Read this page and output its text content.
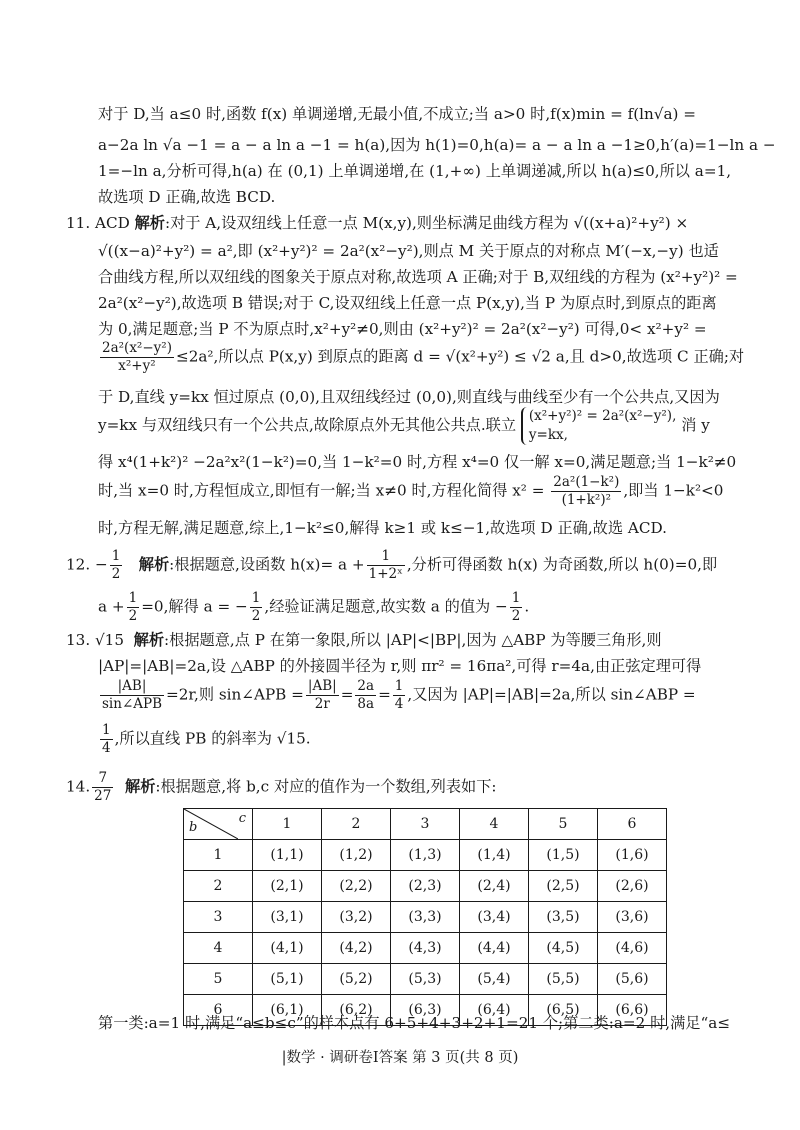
对于 D,当 a≤0 时,函数 f(x) 单调递增,无最小值,不成立;当 a>0 时,f(x)min = f(ln√a) =
a−2a ln √a −1 = a − a ln a −1 = h(a),因为 h(1)=0,h(a)= a − a ln a −1≥0,h′(a)=1−ln a −
1=−ln a,分析可得,h(a) 在 (0,1) 上单调递增,在 (1,+∞) 上单调递减,所以 h(a)≤0,所以 a=1,
故选项 D 正确,故选 BCD.
11. ACD 解析:对于 A,设双纽线上任意一点 M(x,y),则坐标满足曲线方程为 √((x+a)²+y²) ×
√((x−a)²+y²) = a²,即 (x²+y²)² = 2a²(x²−y²),则点 M 关于原点的对称点 M′(−x,−y) 也适
合曲线方程,所以双纽线的图象关于原点对称,故选项 A 正确;对于 B,双纽线的方程为 (x²+y²)² =
2a²(x²−y²),故选项 B 错误;对于 C,设双纽线上任意一点 P(x,y),当 P 为原点时,到原点的距离
为 0,满足题意;当 P 不为原点时,x²+y²≠0,则由 (x²+y²)² = 2a²(x²−y²) 可得,0< x²+y² =
$\frac{\text{2a²(x²−y²)}}{\text{x²+y²}} \le 2a^2$,所以点 P(x,y) 到原点的距离 d = √(x²+y²) ≤ √2 a,且 d>0,故选项 C 正确;对
于 D,直线 y=kx 恒过原点 (0,0),且双纽线经过 (0,0),则直线与曲线至少有一个公共点,又因为
y=kx 与双纽线只有一个公共点,故除原点外无其他公共点.联立 (x²+y²)² = 2a²(x²−y²),
y=kx,
消 y
得 x⁴(1+k²)² −2a²x²(1−k²)=0,当 1−k²=0 时,方程 x⁴=0 仅一解 x=0,满足题意;当 1−k²≠0
时,当 x=0 时,方程恒成立,即恒有一解;当 x≠0 时,方程化简得 $x^2 = \frac{\text{2a²(1−k²)}}{\text{(1+k²)²}}$ ,即当 1−k²<0
时,方程无解,满足题意,综上,1−k²≤0,解得 k≥1 或 k≤−1,故选项 D 正确,故选 ACD.
12. − $\frac{1}{2}$ 解析:根据题意,设函数 $h(x)= a + \frac{1}{\text{1+2ˣ}}$ ,分析可得函数 h(x) 为奇函数,所以 h(0)=0,即
$a + \frac{1}{2} =0$,解得 a = − $\frac{1}{2}$ ,经验证满足题意,故实数 a 的值为 − $\frac{1}{2}$ .
13. √15 解析:根据题意,点 P 在第一象限,所以 |AP|<|BP|,因为 △ABP 为等腰三角形,则
|AP|=|AB|=2a,设 △ABP 的外接圆半径为 r,则 πr² = 16πa²,可得 r=4a,由正弦定理可得
$\frac{|AB|}{\text{sin∠APB}} =2r$,则 sin∠APB = $\frac{|AB|}{2r} = \frac{2a}{8a} = \frac{1}{4}$ ,又因为 |AP|=|AB|=2a,所以 sin∠ABP =
$\frac{1}{4}$ ,所以直线 PB 的斜率为 √15.
14. $\frac{7}{27}$ 解析:根据题意,将 b,c 对应的值作为一个数组,列表如下:
b
c	1	2	3	4	5	6
1	(1,1)	(1,2)	(1,3)	(1,4)	(1,5)	(1,6)
2	(2,1)	(2,2)	(2,3)	(2,4)	(2,5)	(2,6)
3	(3,1)	(3,2)	(3,3)	(3,4)	(3,5)	(3,6)
4	(4,1)	(4,2)	(4,3)	(4,4)	(4,5)	(4,6)
5	(5,1)	(5,2)	(5,3)	(5,4)	(5,5)	(5,6)
6	(6,1)	(6,2)	(6,3)	(6,4)	(6,5)	(6,6)
第一类:a=1 时,满足“a≤b≤c”的样本点有 6+5+4+3+2+1=21 个;第二类:a=2 时,满足“a≤
|数学 · 调研卷Ⅰ答案 第 3 页(共 8 页)
